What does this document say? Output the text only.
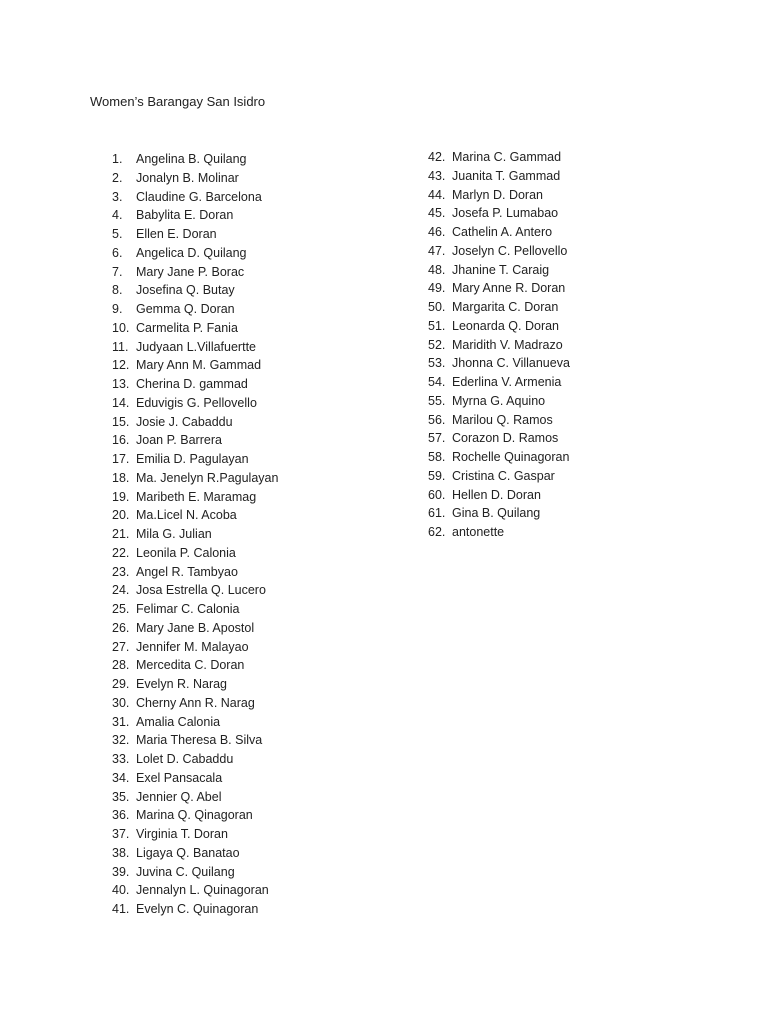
Women’s Barangay San Isidro
1.	Angelina B. Quilang
2.	Jonalyn B. Molinar
3.	Claudine G. Barcelona
4.	Babylita E. Doran
5.	Ellen E. Doran
6.	Angelica D. Quilang
7.	Mary Jane P. Borac
8.	Josefina Q. Butay
9.	Gemma Q. Doran
10. Carmelita P. Fania
11. Judyaan L.Villafuertte
12. Mary Ann M. Gammad
13. Cherina D. gammad
14. Eduvigis G. Pellovello
15. Josie J. Cabaddu
16. Joan P. Barrera
17. Emilia D. Pagulayan
18. Ma. Jenelyn R.Pagulayan
19. Maribeth E. Maramag
20. Ma.Licel N. Acoba
21. Mila G. Julian
22. Leonila P. Calonia
23. Angel R. Tambyao
24. Josa Estrella Q. Lucero
25. Felimar C. Calonia
26. Mary Jane B. Apostol
27. Jennifer M. Malayao
28. Mercedita C. Doran
29. Evelyn R. Narag
30. Cherny Ann R. Narag
31. Amalia Calonia
32. Maria Theresa B. Silva
33. Lolet D. Cabaddu
34. Exel Pansacala
35. Jennier Q. Abel
36. Marina Q. Qinagoran
37. Virginia T. Doran
38. Ligaya Q. Banatao
39. Juvina C. Quilang
40. Jennalyn L. Quinagoran
41. Evelyn C. Quinagoran
42. Marina C. Gammad
43. Juanita T. Gammad
44. Marlyn D. Doran
45. Josefa P. Lumabao
46. Cathelin A. Antero
47. Joselyn C. Pellovello
48. Jhanine T. Caraig
49. Mary Anne R. Doran
50. Margarita C. Doran
51. Leonarda Q. Doran
52. Maridith V. Madrazo
53. Jhonna C. Villanueva
54. Ederlina V. Armenia
55. Myrna G. Aquino
56. Marilou Q. Ramos
57. Corazon D. Ramos
58. Rochelle Quinagoran
59. Cristina C. Gaspar
60. Hellen D. Doran
61. Gina B. Quilang
62. antonette
